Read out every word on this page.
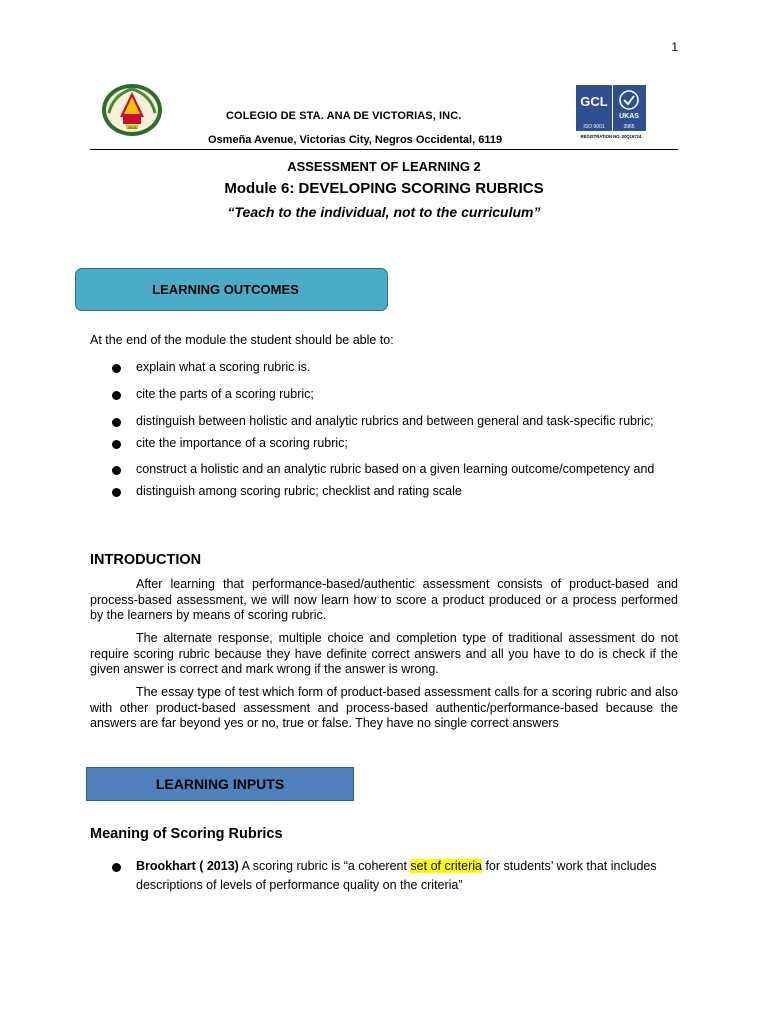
1
2013
COLEGIO DE STA. ANA DE VICTORIAS, INC.
Osmeña Avenue, Victorias City, Negros Occidental, 6119
GCL
UKAS
ISO 9001	3965
REGISTRATION NO. 20Q16724

ASSESSMENT OF LEARNING 2

Module 6: DEVELOPING SCORING RUBRICS

“Teach to the individual, not to the curriculum”

LEARNING OUTCOMES
At the end of the module the student should be able to:
explain what a scoring rubric is.
cite the parts of a scoring rubric;
distinguish between holistic and analytic rubrics and between general and task-specific rubric;
cite the importance of a scoring rubric;
construct a holistic and an analytic rubric based on a given learning outcome/competency and
distinguish among scoring rubric; checklist and rating scale
INTRODUCTION

After learning that performance-based/authentic assessment consists of product-based and process-based assessment, we will now learn how to score a product produced or a process performed by the learners by means of scoring rubric.

The alternate response, multiple choice and completion type of traditional assessment do not require scoring rubric because they have definite correct answers and all you have to do is check if the given answer is correct and mark wrong if the answer is wrong.

The essay type of test which form of product-based assessment calls for a scoring rubric and also with other product-based assessment and process-based authentic/performance-based because the answers are far beyond yes or no, true or false. They have no single correct answers

LEARNING INPUTS
Meaning of Scoring Rubrics
Brookhart ( 2013) A scoring rubric is “a coherent set of criteria for students’ work that includes descriptions of levels of performance quality on the criteria”
